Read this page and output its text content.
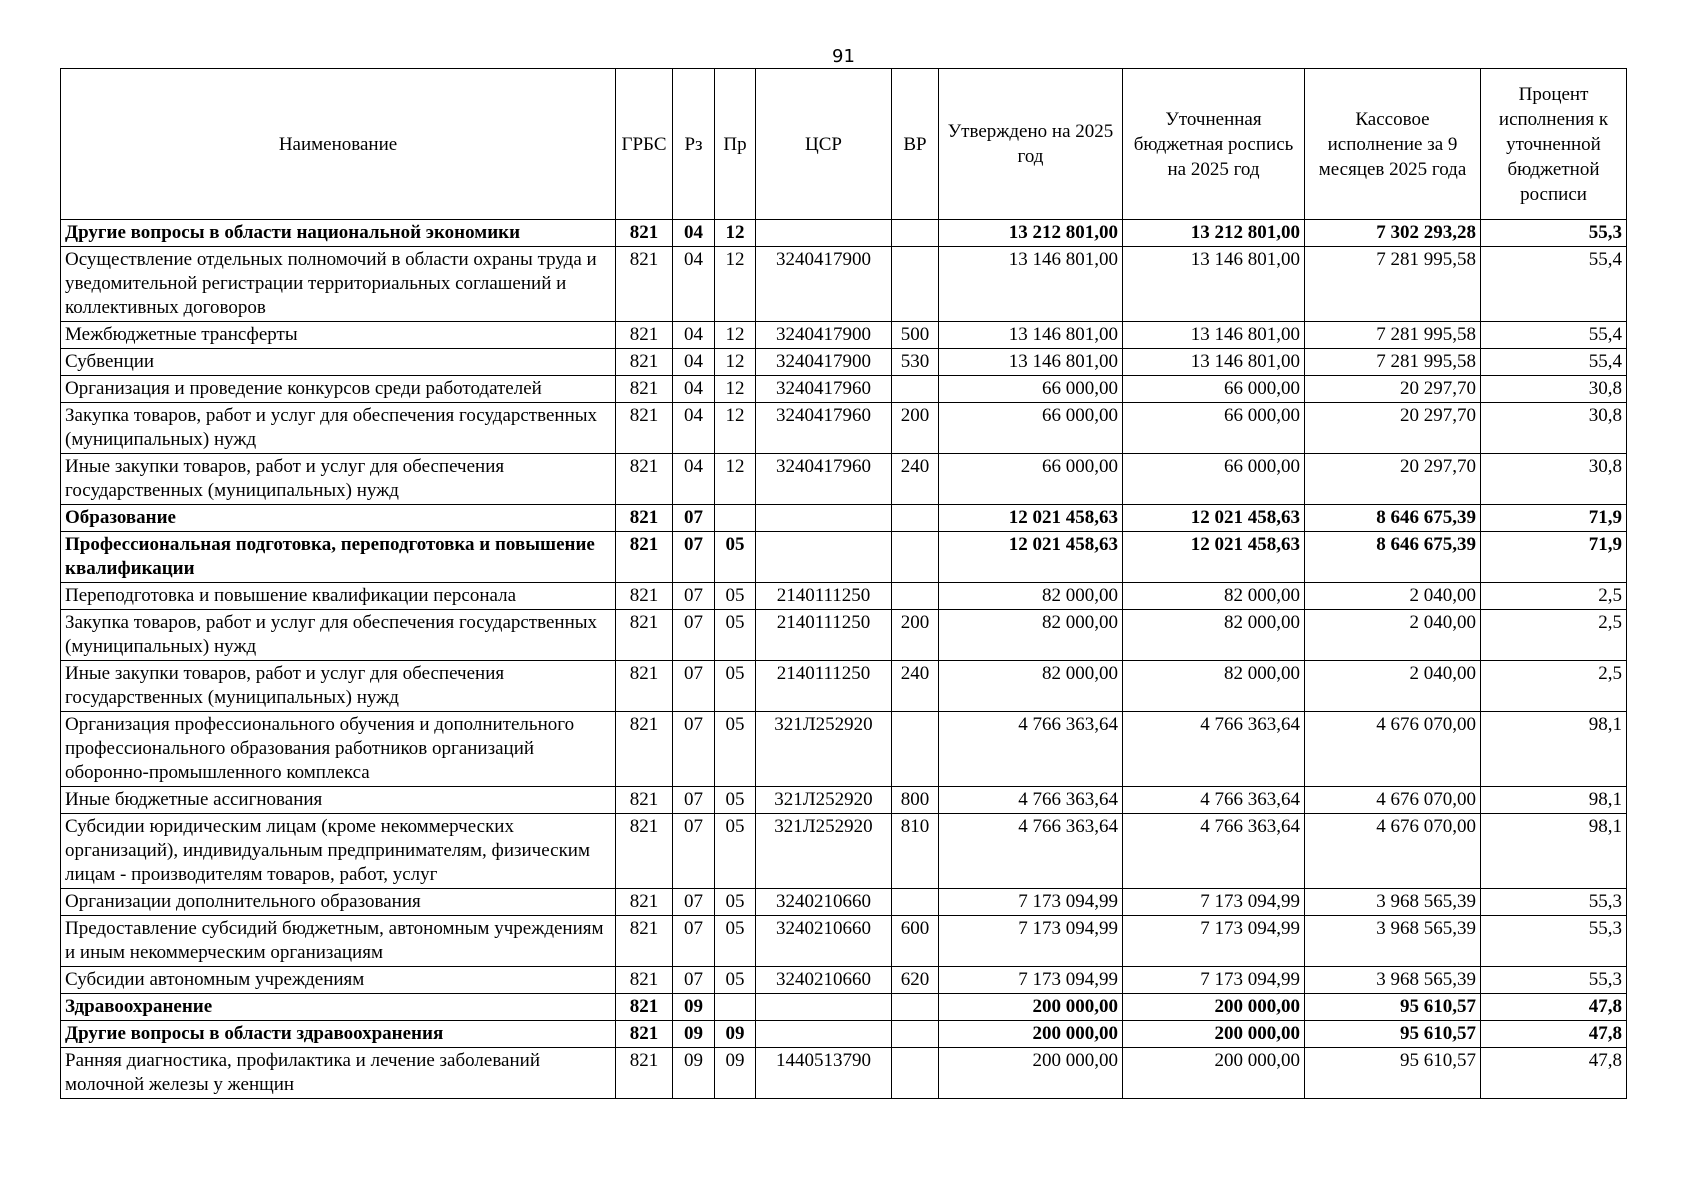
91
Наименование	ГРБС	Рз	Пр	ЦСР	ВР	Утверждено на 2025 год	Уточненная бюджетная роспись на 2025 год	Кассовое исполнение за 9 месяцев 2025 года	Процент исполнения к уточненной бюджетной росписи
Другие вопросы в области национальной экономики	821	04	12			13 212 801,00	13 212 801,00	7 302 293,28	55,3
Осуществление отдельных полномочий в области охраны труда и уведомительной регистрации территориальных соглашений и коллективных договоров	821	04	12	3240417900		13 146 801,00	13 146 801,00	7 281 995,58	55,4
Межбюджетные трансферты	821	04	12	3240417900	500	13 146 801,00	13 146 801,00	7 281 995,58	55,4
Субвенции	821	04	12	3240417900	530	13 146 801,00	13 146 801,00	7 281 995,58	55,4
Организация и проведение конкурсов среди работодателей	821	04	12	3240417960		66 000,00	66 000,00	20 297,70	30,8
Закупка товаров, работ и услуг для обеспечения государственных (муниципальных) нужд	821	04	12	3240417960	200	66 000,00	66 000,00	20 297,70	30,8
Иные закупки товаров, работ и услуг для обеспечения государственных (муниципальных) нужд	821	04	12	3240417960	240	66 000,00	66 000,00	20 297,70	30,8
Образование	821	07				12 021 458,63	12 021 458,63	8 646 675,39	71,9
Профессиональная подготовка, переподготовка и повышение квалификации	821	07	05			12 021 458,63	12 021 458,63	8 646 675,39	71,9
Переподготовка и повышение квалификации персонала	821	07	05	2140111250		82 000,00	82 000,00	2 040,00	2,5
Закупка товаров, работ и услуг для обеспечения государственных (муниципальных) нужд	821	07	05	2140111250	200	82 000,00	82 000,00	2 040,00	2,5
Иные закупки товаров, работ и услуг для обеспечения государственных (муниципальных) нужд	821	07	05	2140111250	240	82 000,00	82 000,00	2 040,00	2,5
Организация профессионального обучения и дополнительного профессионального образования работников организаций оборонно-промышленного комплекса	821	07	05	321Л252920		4 766 363,64	4 766 363,64	4 676 070,00	98,1
Иные бюджетные ассигнования	821	07	05	321Л252920	800	4 766 363,64	4 766 363,64	4 676 070,00	98,1
Субсидии юридическим лицам (кроме некоммерческих организаций), индивидуальным предпринимателям, физическим лицам - производителям товаров, работ, услуг	821	07	05	321Л252920	810	4 766 363,64	4 766 363,64	4 676 070,00	98,1
Организации дополнительного образования	821	07	05	3240210660		7 173 094,99	7 173 094,99	3 968 565,39	55,3
Предоставление субсидий бюджетным, автономным учреждениям и иным некоммерческим организациям	821	07	05	3240210660	600	7 173 094,99	7 173 094,99	3 968 565,39	55,3
Субсидии автономным учреждениям	821	07	05	3240210660	620	7 173 094,99	7 173 094,99	3 968 565,39	55,3
Здравоохранение	821	09				200 000,00	200 000,00	95 610,57	47,8
Другие вопросы в области здравоохранения	821	09	09			200 000,00	200 000,00	95 610,57	47,8
Ранняя диагностика, профилактика и лечение заболеваний молочной железы у женщин	821	09	09	1440513790		200 000,00	200 000,00	95 610,57	47,8
